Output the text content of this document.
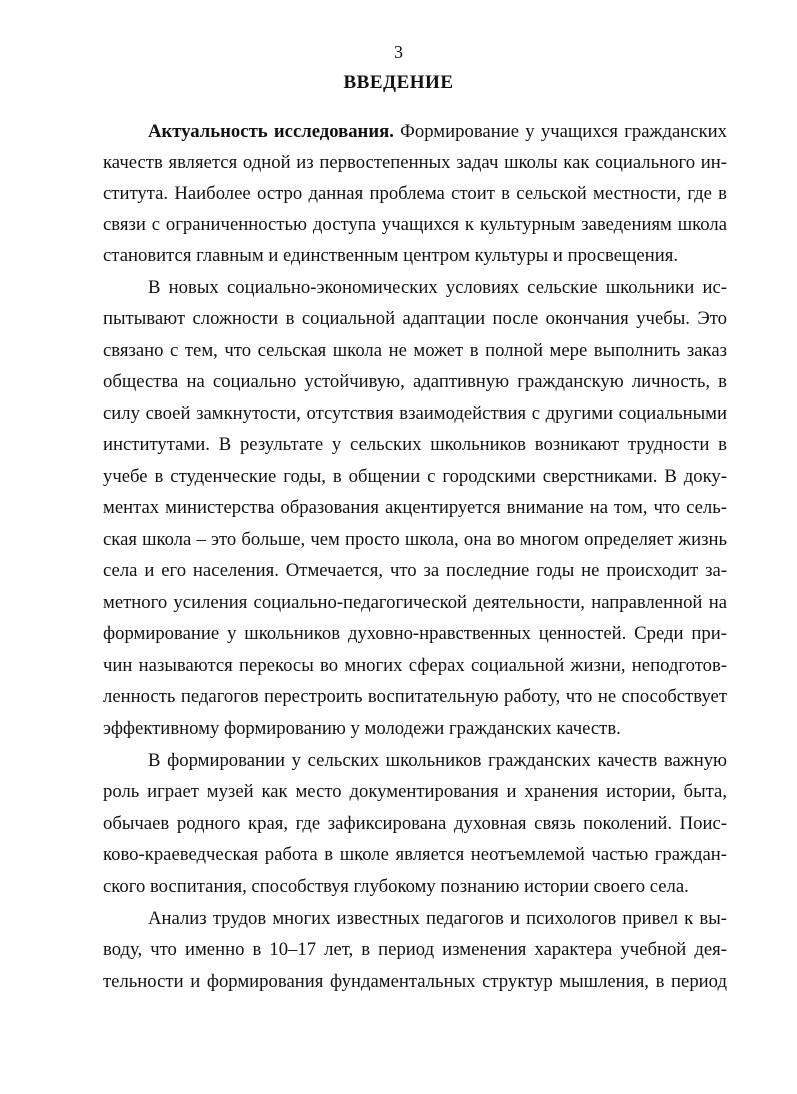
3
ВВЕДЕНИЕ
Актуальность исследования. Формирование у учащихся гражданских
качеств является одной из первостепенных задач школы как социального ин-
ститута. Наиболее остро данная проблема стоит в сельской местности, где в
связи с ограниченностью доступа учащихся к культурным заведениям школа
становится главным и единственным центром культуры и просвещения.
В новых социально-экономических условиях сельские школьники ис-
пытывают сложности в социальной адаптации после окончания учебы. Это
связано с тем, что сельская школа не может в полной мере выполнить заказ
общества на социально устойчивую, адаптивную гражданскую личность, в
силу своей замкнутости, отсутствия взаимодействия с другими социальными
институтами. В результате у сельских школьников возникают трудности в
учебе в студенческие годы, в общении с городскими сверстниками. В доку-
ментах министерства образования акцентируется внимание на том, что сель-
ская школа – это больше, чем просто школа, она во многом определяет жизнь
села и его населения. Отмечается, что за последние годы не происходит за-
метного усиления социально-педагогической деятельности, направленной на
формирование у школьников духовно-нравственных ценностей. Среди при-
чин называются перекосы во многих сферах социальной жизни, неподготов-
ленность педагогов перестроить воспитательную работу, что не способствует
эффективному формированию у молодежи гражданских качеств.
В формировании у сельских школьников гражданских качеств важную
роль играет музей как место документирования и хранения истории, быта,
обычаев родного края, где зафиксирована духовная связь поколений. Поис-
ково-краеведческая работа в школе является неотъемлемой частью граждан-
ского воспитания, способствуя глубокому познанию истории своего села.
Анализ трудов многих известных педагогов и психологов привел к вы-
воду, что именно в 10–17 лет, в период изменения характера учебной дея-
тельности и формирования фундаментальных структур мышления, в период
